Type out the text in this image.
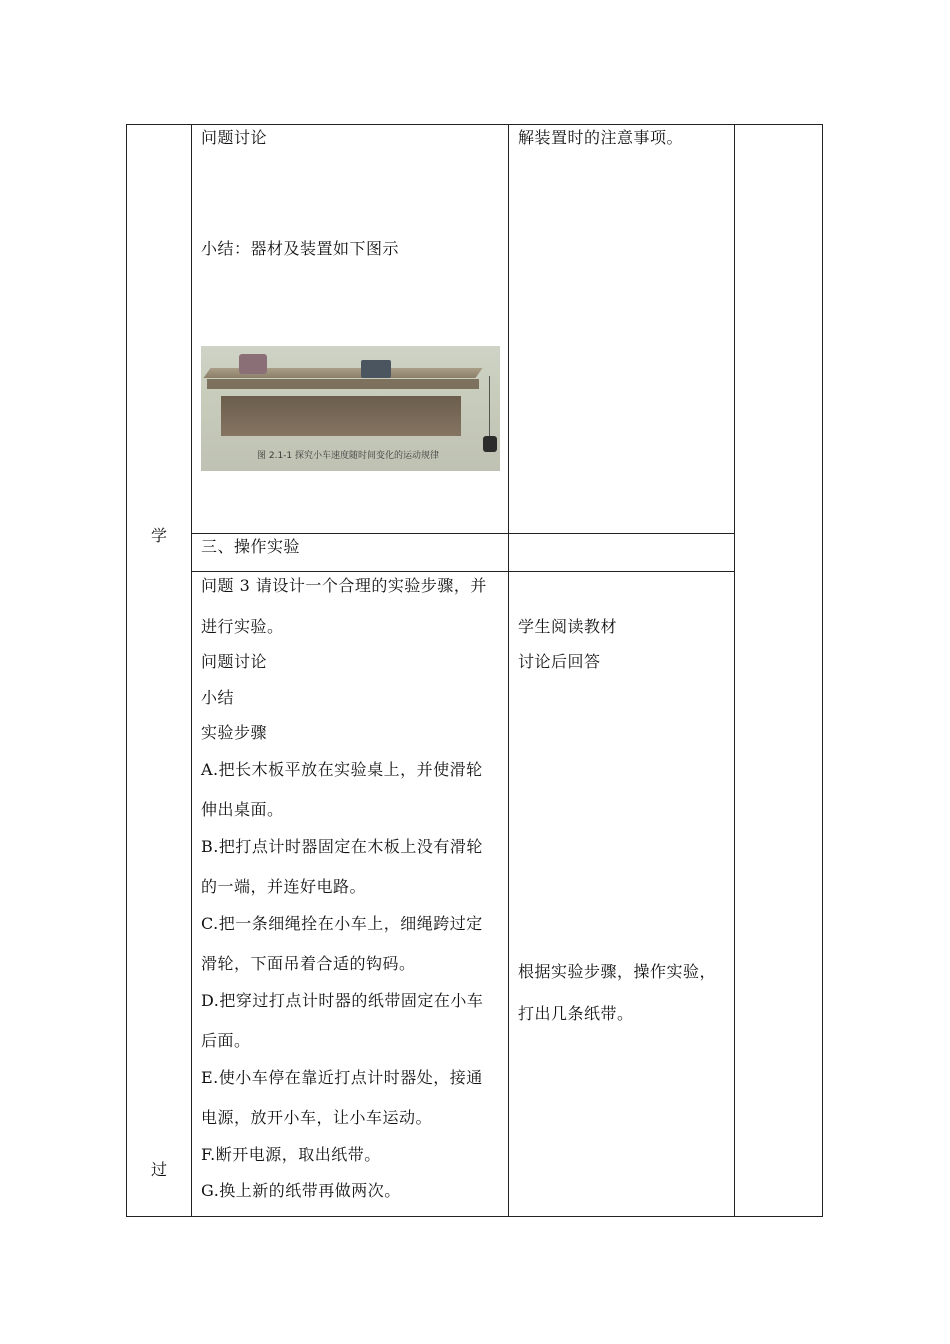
学
过
问题讨论
小结：器材及装置如下图示
解装置时的注意事项。
图 2.1-1 探究小车速度随时间变化的运动规律
三、操作实验
问题 3 请设计一个合理的实验步骤，并
进行实验。
问题讨论
小结
实验步骤
A.把长木板平放在实验桌上，并使滑轮
伸出桌面。
B.把打点计时器固定在木板上没有滑轮
的一端，并连好电路。
C.把一条细绳拴在小车上，细绳跨过定
滑轮，下面吊着合适的钩码。
D.把穿过打点计时器的纸带固定在小车
后面。
E.使小车停在靠近打点计时器处，接通
电源，放开小车，让小车运动。
F.断开电源，取出纸带。
G.换上新的纸带再做两次。
学生阅读教材
讨论后回答
根据实验步骤，操作实验，
打出几条纸带。
